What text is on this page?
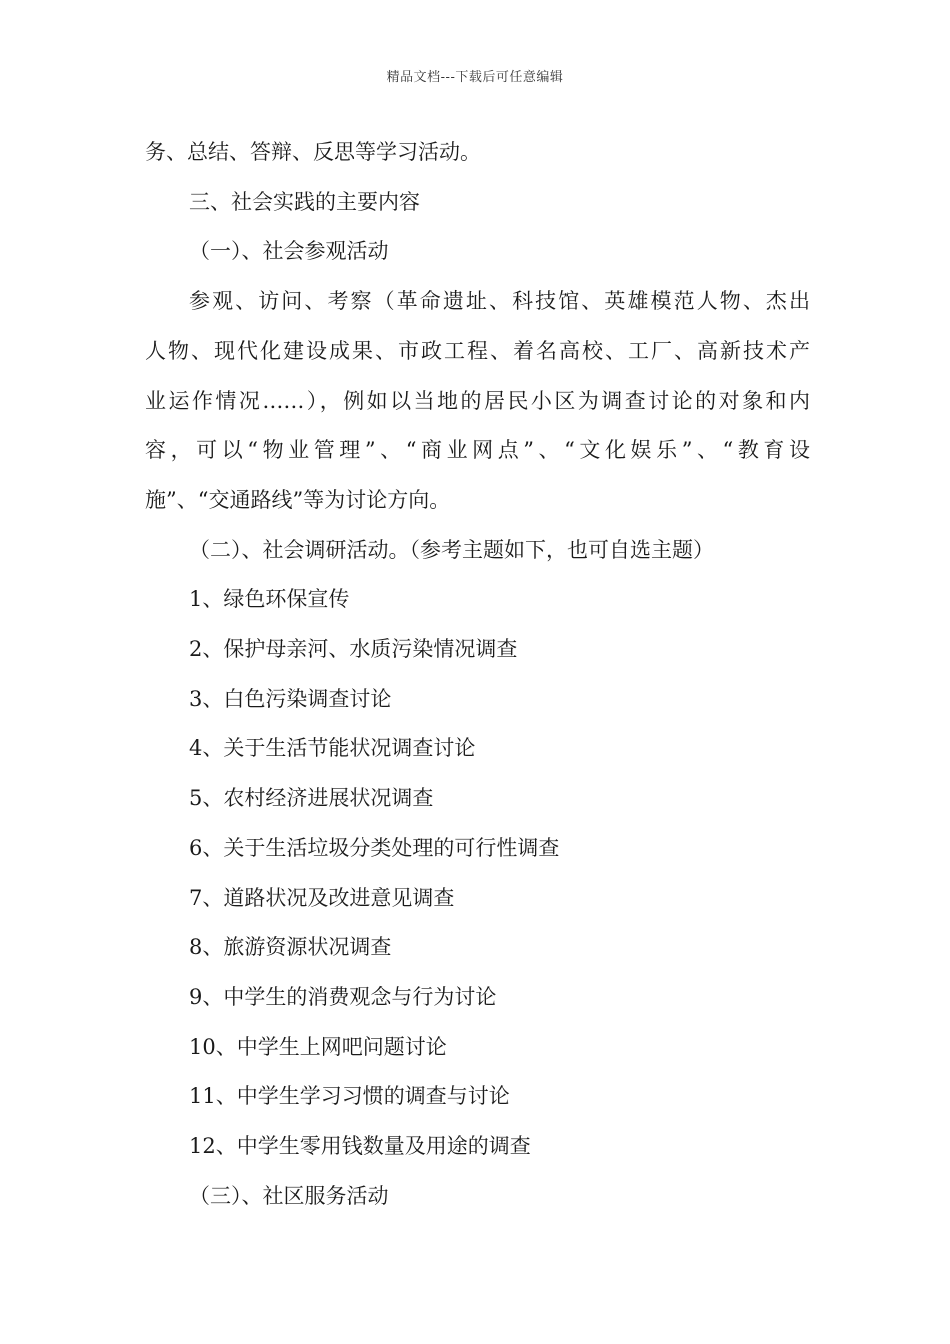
精品文档---下载后可任意编辑
务、总结、答辩、反思等学习活动。
三、社会实践的主要内容
（一）、社会参观活动
参观、访问、考察（革命遗址、科技馆、英雄模范人物、杰出
人物、现代化建设成果、市政工程、着名高校、工厂、高新技术产
业运作情况……），例如以当地的居民小区为调查讨论的对象和内
容，可以“物业管理”、“商业网点”、“文化娱乐”、“教育设
施”、“交通路线”等为讨论方向。
（二）、社会调研活动。（参考主题如下，也可自选主题）
1、绿色环保宣传
2、保护母亲河、水质污染情况调查
3、白色污染调查讨论
4、关于生活节能状况调查讨论
5、农村经济进展状况调查
6、关于生活垃圾分类处理的可行性调查
7、道路状况及改进意见调查
8、旅游资源状况调查
9、中学生的消费观念与行为讨论
10、中学生上网吧问题讨论
11、中学生学习习惯的调查与讨论
12、中学生零用钱数量及用途的调查
（三）、社区服务活动
